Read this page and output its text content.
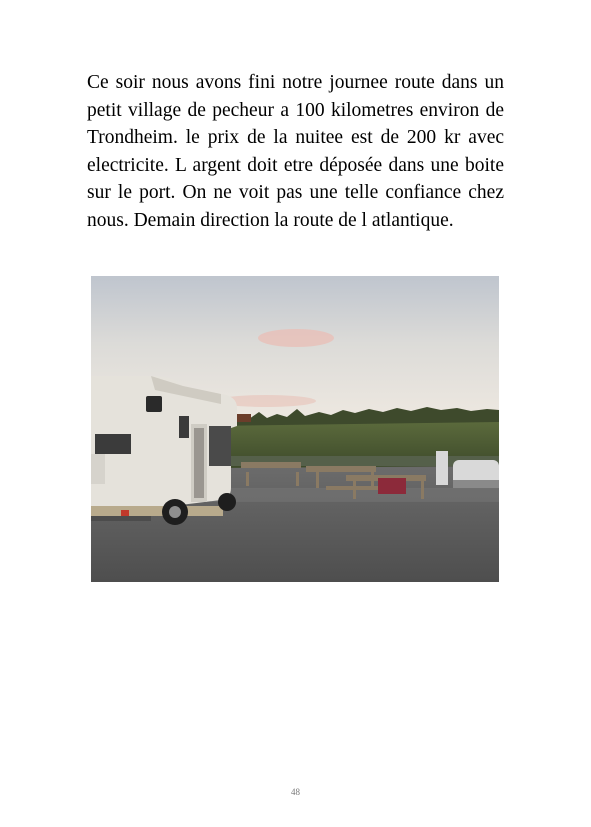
Ce soir nous avons fini notre journee route dans un petit village de pecheur a 100 kilometres environ de Trondheim. le prix de la nuitee est de 200 kr avec electricite. L argent doit etre déposée dans une boite sur le port. On ne voit pas une telle confiance chez nous. Demain direction la route de l atlantique.

48
